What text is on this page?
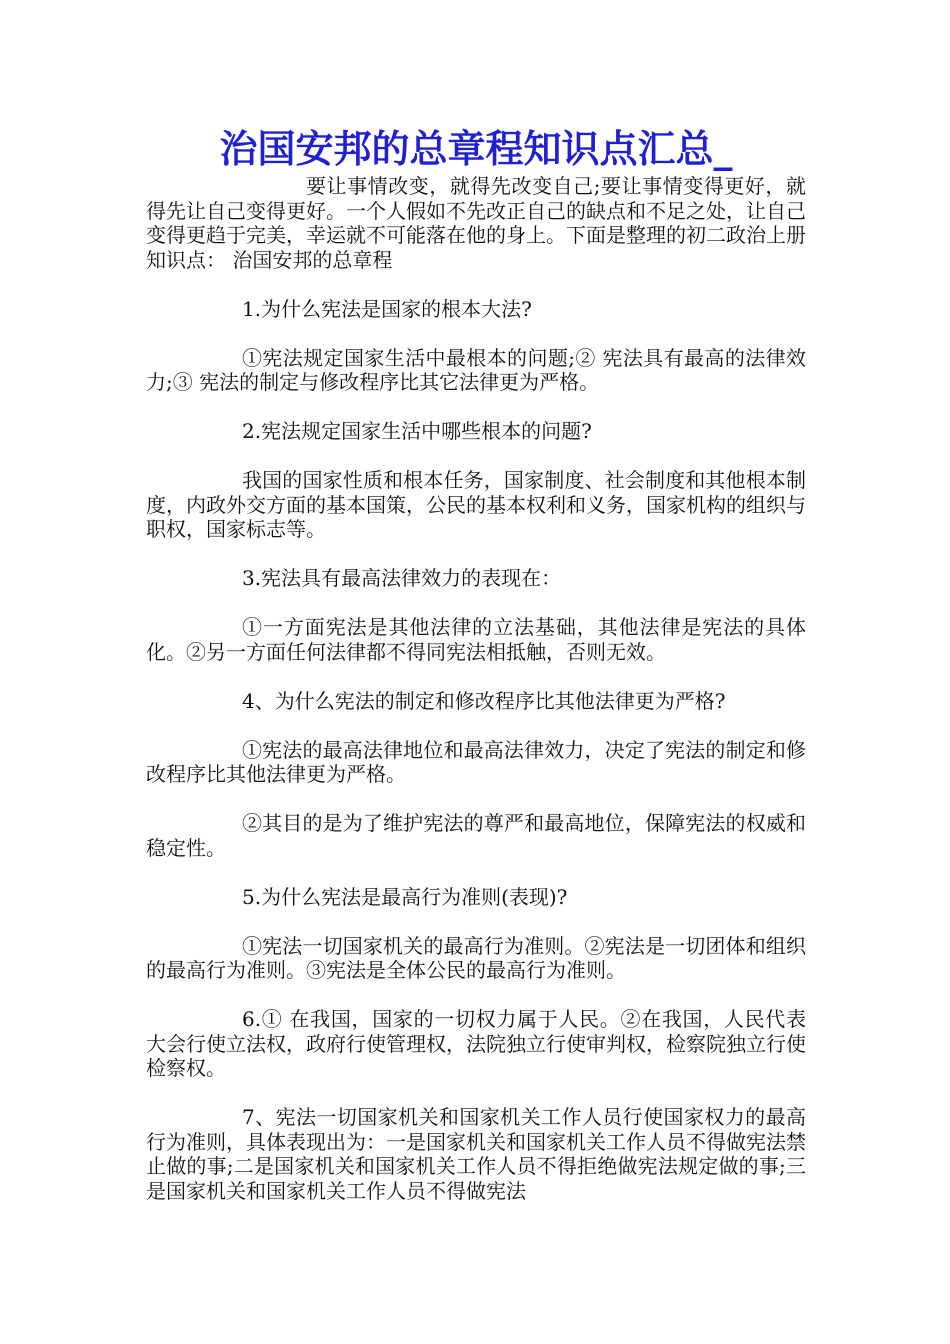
治国安邦的总章程知识点汇总_

要让事情改变，就得先改变自己;要让事情变得更好，就得先让自己变得更好。一个人假如不先改正自己的缺点和不足之处，让自己变得更趋于完美，幸运就不可能落在他的身上。下面是整理的初二政治上册知识点： 治国安邦的总章程

1.为什么宪法是国家的根本大法?

①宪法规定国家生活中最根本的问题;② 宪法具有最高的法律效力;③ 宪法的制定与修改程序比其它法律更为严格。

2.宪法规定国家生活中哪些根本的问题?

我国的国家性质和根本任务，国家制度、社会制度和其他根本制度，内政外交方面的基本国策，公民的基本权利和义务，国家机构的组织与职权，国家标志等。

3.宪法具有最高法律效力的表现在：

①一方面宪法是其他法律的立法基础，其他法律是宪法的具体化。②另一方面任何法律都不得同宪法相抵触，否则无效。

4、为什么宪法的制定和修改程序比其他法律更为严格?

①宪法的最高法律地位和最高法律效力，决定了宪法的制定和修改程序比其他法律更为严格。

②其目的是为了维护宪法的尊严和最高地位，保障宪法的权威和稳定性。

5.为什么宪法是最高行为准则(表现)?

①宪法一切国家机关的最高行为准则。②宪法是一切团体和组织的最高行为准则。③宪法是全体公民的最高行为准则。

6.① 在我国，国家的一切权力属于人民。②在我国，人民代表大会行使立法权，政府行使管理权，法院独立行使审判权，检察院独立行使检察权。

7、宪法一切国家机关和国家机关工作人员行使国家权力的最高行为准则，具体表现出为：一是国家机关和国家机关工作人员不得做宪法禁止做的事;二是国家机关和国家机关工作人员不得拒绝做宪法规定做的事;三是国家机关和国家机关工作人员不得做宪法
